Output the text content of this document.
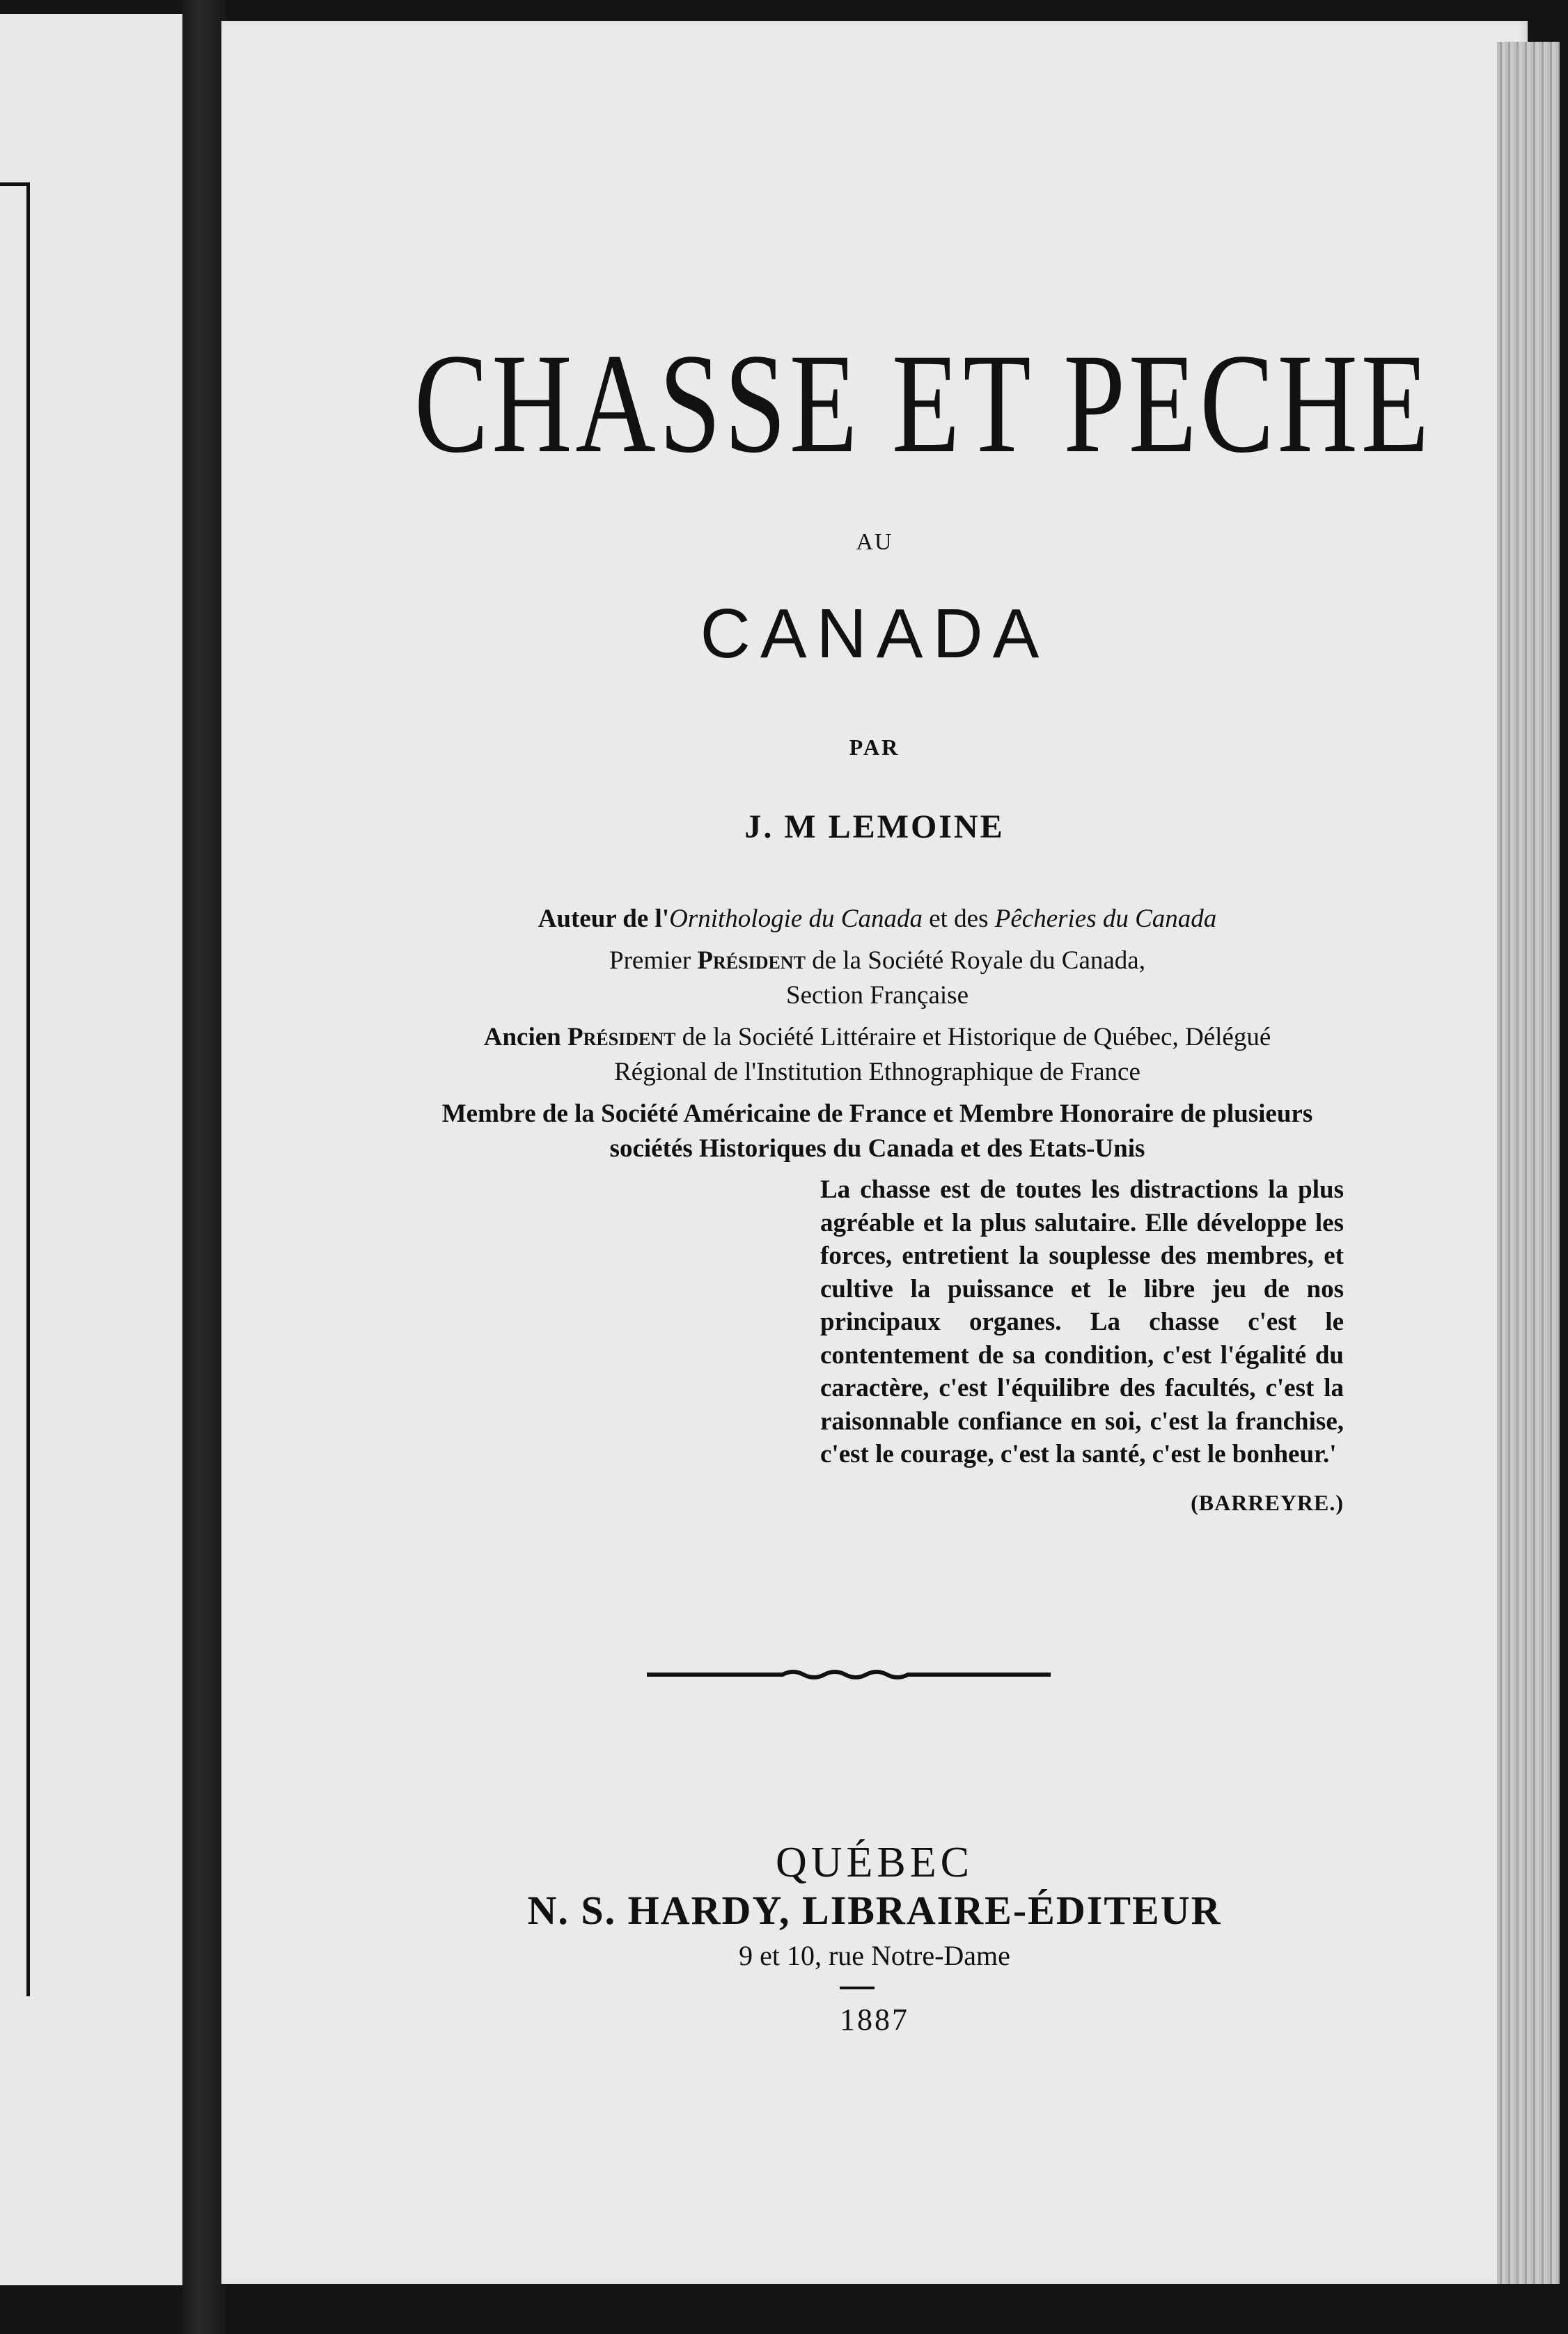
CHASSE ET PECHE
AU
CANADA
PAR
J. M LEMOINE

Auteur de l'Ornithologie du Canada et des Pêcheries du Canada

Premier Président de la Société Royale du Canada,

Section Française

Ancien Président de la Société Littéraire et Historique de Québec, Délégué

Régional de l'Institution Ethnographique de France

Membre de la Société Américaine de France et Membre Honoraire de plusieurs

sociétés Historiques du Canada et des Etats-Unis

La chasse est de toutes les distractions la plus agréable et la plus salutaire. Elle développe les forces, entretient la souplesse des membres, et cultive la puissance et le libre jeu de nos principaux organes. La chasse c'est le contentement de sa condition, c'est l'égalité du caractère, c'est l'équilibre des facultés, c'est la raisonnable confiance en soi, c'est la franchise, c'est le courage, c'est la santé, c'est le bonheur.'
(BARREYRE.)
QUÉBEC
N. S. HARDY, LIBRAIRE-ÉDITEUR
9 et 10, rue Notre-Dame
1887
